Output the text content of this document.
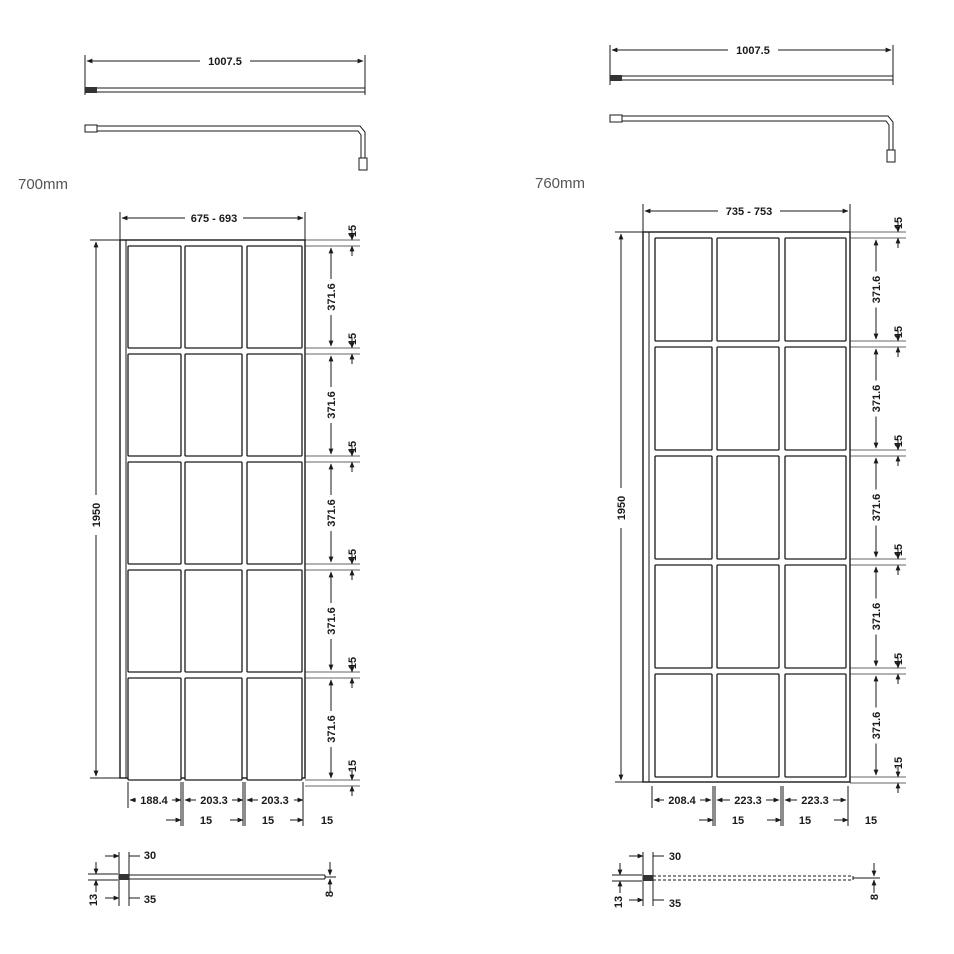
1007.5
700mm
675 - 693
1950
371.6
15
371.6
15
371.6
15
371.6
15
371.6
15
15
188.4	203.3	203.3
15	15	15
30
35
13	8
1007.5
760mm
735 - 753
1950
371.6
15
371.6
15
371.6
15
371.6
15
371.6
15
15
208.4	223.3	223.3
15	15	15
30
35
13	8
